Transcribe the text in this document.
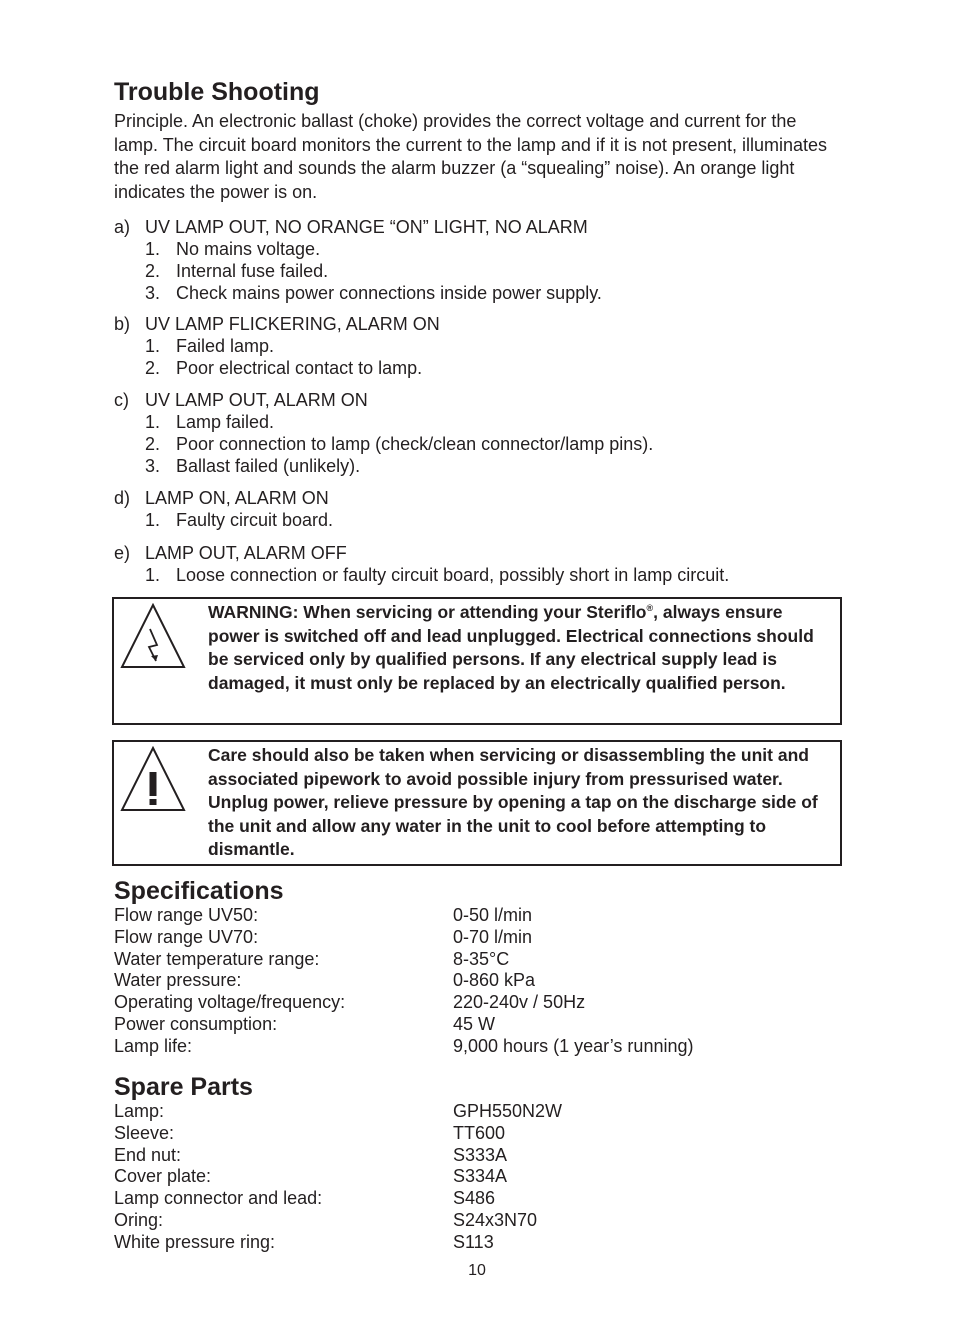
Trouble Shooting

Principle. An electronic ballast (choke) provides the correct voltage and current for the lamp. The circuit board monitors the current to the lamp and if it is not present, illuminates the red alarm light and sounds the alarm buzzer (a “squealing” noise). An orange light indicates the power is on.

a) UV LAMP OUT, NO ORANGE “ON” LIGHT, NO ALARM
1. No mains voltage.
2. Internal fuse failed.
3. Check mains power connections inside power supply.
b) UV LAMP FLICKERING, ALARM ON
1. Failed lamp.
2. Poor electrical contact to lamp.
c) UV LAMP OUT, ALARM ON
1. Lamp failed.
2. Poor connection to lamp (check/clean connector/lamp pins).
3. Ballast failed (unlikely).
d) LAMP ON, ALARM ON
1. Faulty circuit board.
e) LAMP OUT, ALARM OFF
1. Loose connection or faulty circuit board, possibly short in lamp circuit.
WARNING: When servicing or attending your Steriflo®, always ensure power is switched off and lead unplugged. Electrical connections should be serviced only by qualified persons. If any electrical supply lead is damaged, it must only be replaced by an electrically qualified person.
Care should also be taken when servicing or disassembling the unit and associated pipework to avoid possible injury from pressurised water. Unplug power, relieve pressure by opening a tap on the discharge side of the unit and allow any water in the unit to cool before attempting to dismantle.
Specifications
Flow range UV50:	0-50 l/min
Flow range UV70:	0-70 l/min
Water temperature range:	8-35°C
Water pressure:	0-860 kPa
Operating voltage/frequency:	220-240v / 50Hz
Power consumption:	45 W
Lamp life:	9,000 hours (1 year’s running)
Spare Parts
Lamp:	GPH550N2W
Sleeve:	TT600
End nut:	S333A
Cover plate:	S334A
Lamp connector and lead:	S486
Oring:	S24x3N70
White pressure ring:	S113
10
